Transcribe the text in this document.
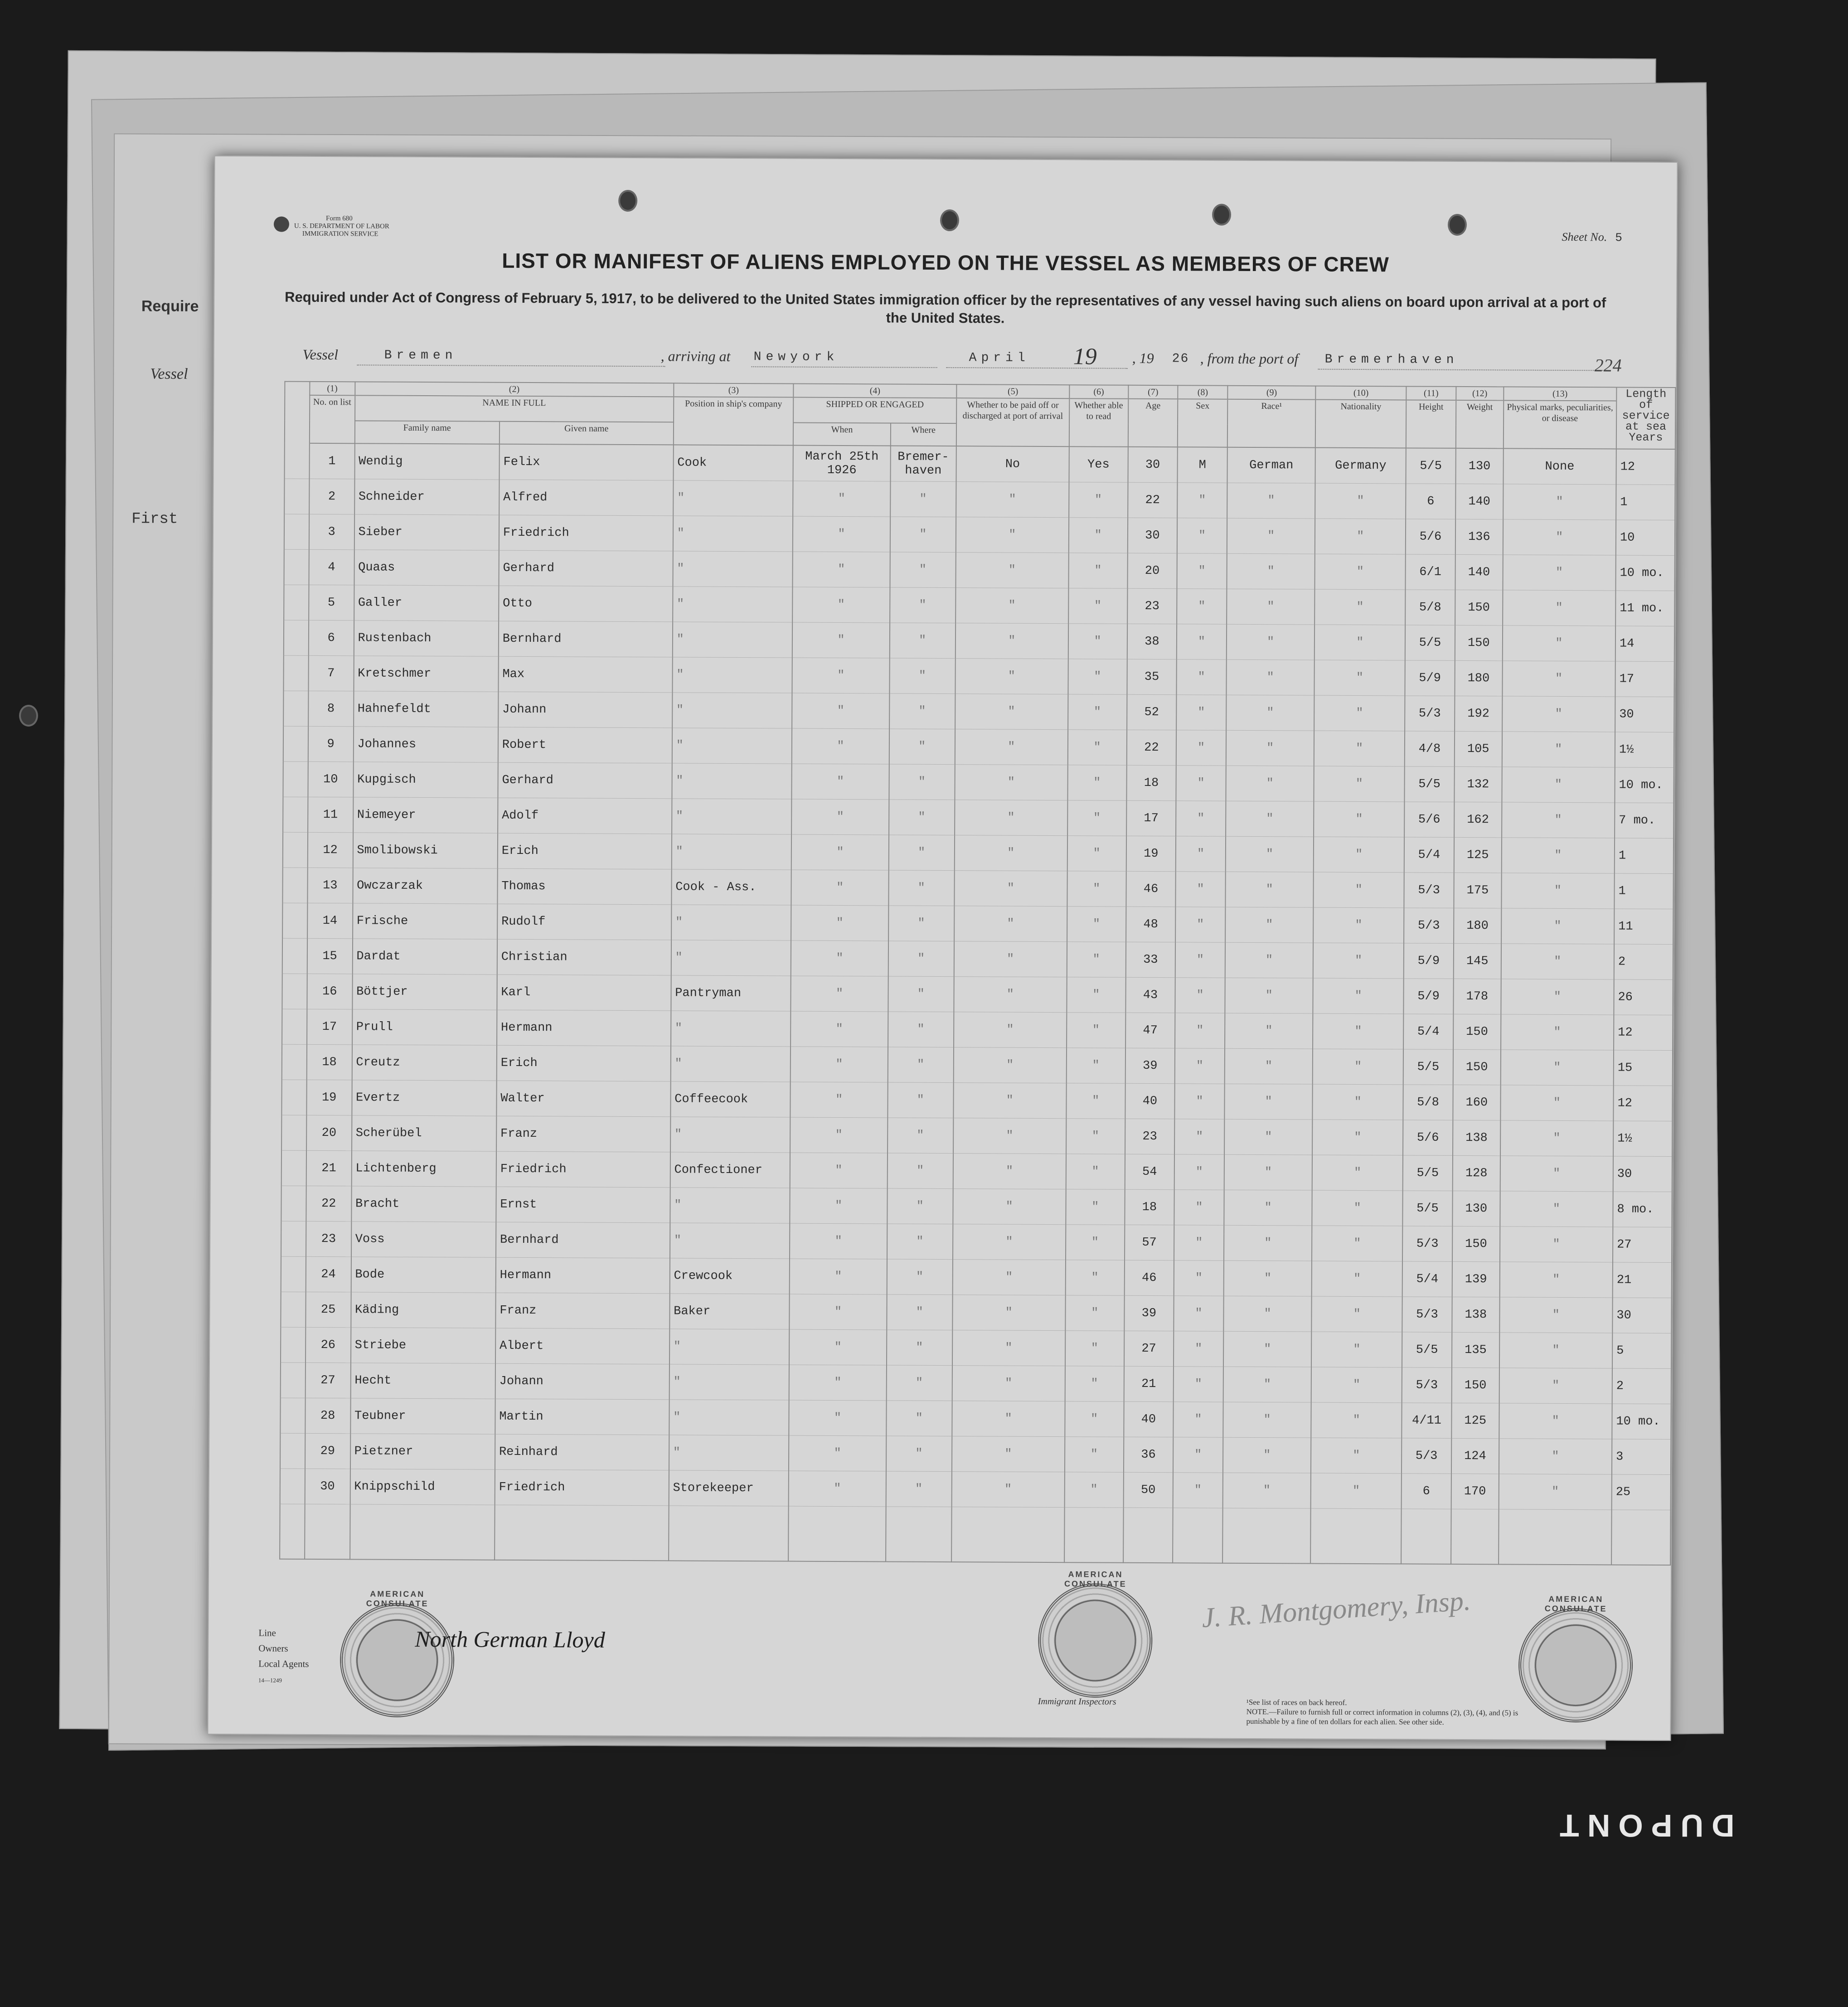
Require
Vessel
First
DUPONT
Form 680
U. S. DEPARTMENT OF LABOR
IMMIGRATION SERVICE	Sheet No. 5
LIST OR MANIFEST OF ALIENS EMPLOYED ON THE VESSEL AS MEMBERS OF CREW
Required under Act of Congress of February 5, 1917, to be delivered to the United States immigration officer by the representatives of any vessel having such aliens on board upon arrival at a port of the United States.
Vessel	Bremen	, arriving at Newyork	April 19 , 19 26 , from the port of Bremerhaven	224
	(1)	(2)		(3)	(4)		(5)	(6)	(7)	(8)	(9)	(10)	(11)	(12)	(13)	Length of service at sea Years
	No. on list	NAME IN FULL		Position in ship's company	SHIPPED OR ENGAGED		Whether to be paid off or discharged at port of arrival	Whether able to read	Age	Sex	Race¹	Nationality	Height	Weight	Physical marks, peculiarities, or disease	
		Family name	Given name		When	Where										
	1	Wendig	Felix	Cook	March 25th 1926	Bremer-haven	No	Yes	30	M	German	Germany	5/5	130	None	12
	2	Schneider	Alfred	"	"	"	"	"	22	"	"	"	6	140	"	1
	3	Sieber	Friedrich	"	"	"	"	"	30	"	"	"	5/6	136	"	10
	4	Quaas	Gerhard	"	"	"	"	"	20	"	"	"	6/1	140	"	10 mo.
	5	Galler	Otto	"	"	"	"	"	23	"	"	"	5/8	150	"	11 mo.
	6	Rustenbach	Bernhard	"	"	"	"	"	38	"	"	"	5/5	150	"	14
	7	Kretschmer	Max	"	"	"	"	"	35	"	"	"	5/9	180	"	17
	8	Hahnefeldt	Johann	"	"	"	"	"	52	"	"	"	5/3	192	"	30
	9	Johannes	Robert	"	"	"	"	"	22	"	"	"	4/8	105	"	1½
	10	Kupgisch	Gerhard	"	"	"	"	"	18	"	"	"	5/5	132	"	10 mo.
	11	Niemeyer	Adolf	"	"	"	"	"	17	"	"	"	5/6	162	"	7 mo.
	12	Smolibowski	Erich	"	"	"	"	"	19	"	"	"	5/4	125	"	1
	13	Owczarzak	Thomas	Cook - Ass.	"	"	"	"	46	"	"	"	5/3	175	"	1
	14	Frische	Rudolf	"	"	"	"	"	48	"	"	"	5/3	180	"	11
	15	Dardat	Christian	"	"	"	"	"	33	"	"	"	5/9	145	"	2
	16	Böttjer	Karl	Pantryman	"	"	"	"	43	"	"	"	5/9	178	"	26
	17	Prull	Hermann	"	"	"	"	"	47	"	"	"	5/4	150	"	12
	18	Creutz	Erich	"	"	"	"	"	39	"	"	"	5/5	150	"	15
	19	Evertz	Walter	Coffeecook	"	"	"	"	40	"	"	"	5/8	160	"	12
	20	Scherübel	Franz	"	"	"	"	"	23	"	"	"	5/6	138	"	1½
	21	Lichtenberg	Friedrich	Confectioner	"	"	"	"	54	"	"	"	5/5	128	"	30
	22	Bracht	Ernst	"	"	"	"	"	18	"	"	"	5/5	130	"	8 mo.
	23	Voss	Bernhard	"	"	"	"	"	57	"	"	"	5/3	150	"	27
	24	Bode	Hermann	Crewcook	"	"	"	"	46	"	"	"	5/4	139	"	21
	25	Käding	Franz	Baker	"	"	"	"	39	"	"	"	5/3	138	"	30
	26	Striebe	Albert	"	"	"	"	"	27	"	"	"	5/5	135	"	5
	27	Hecht	Johann	"	"	"	"	"	21	"	"	"	5/3	150	"	2
	28	Teubner	Martin	"	"	"	"	"	40	"	"	"	4/11	125	"	10 mo.
	29	Pietzner	Reinhard	"	"	"	"	"	36	"	"	"	5/3	124	"	3
	30	Knippschild	Friedrich	Storekeeper	"	"	"	"	50	"	"	"	6	170	"	25

Line
Owners
Local Agents
14—1249
AMERICAN CONSULATE
North German Lloyd
AMERICAN CONSULATE
J. R. Montgomery, Insp.
Immigrant Inspectors
AMERICAN CONSULATE
¹See list of races on back hereof.
NOTE.—Failure to furnish full or correct information in columns (2), (3), (4), and (5) is punishable by a fine of ten dollars for each alien. See other side.
